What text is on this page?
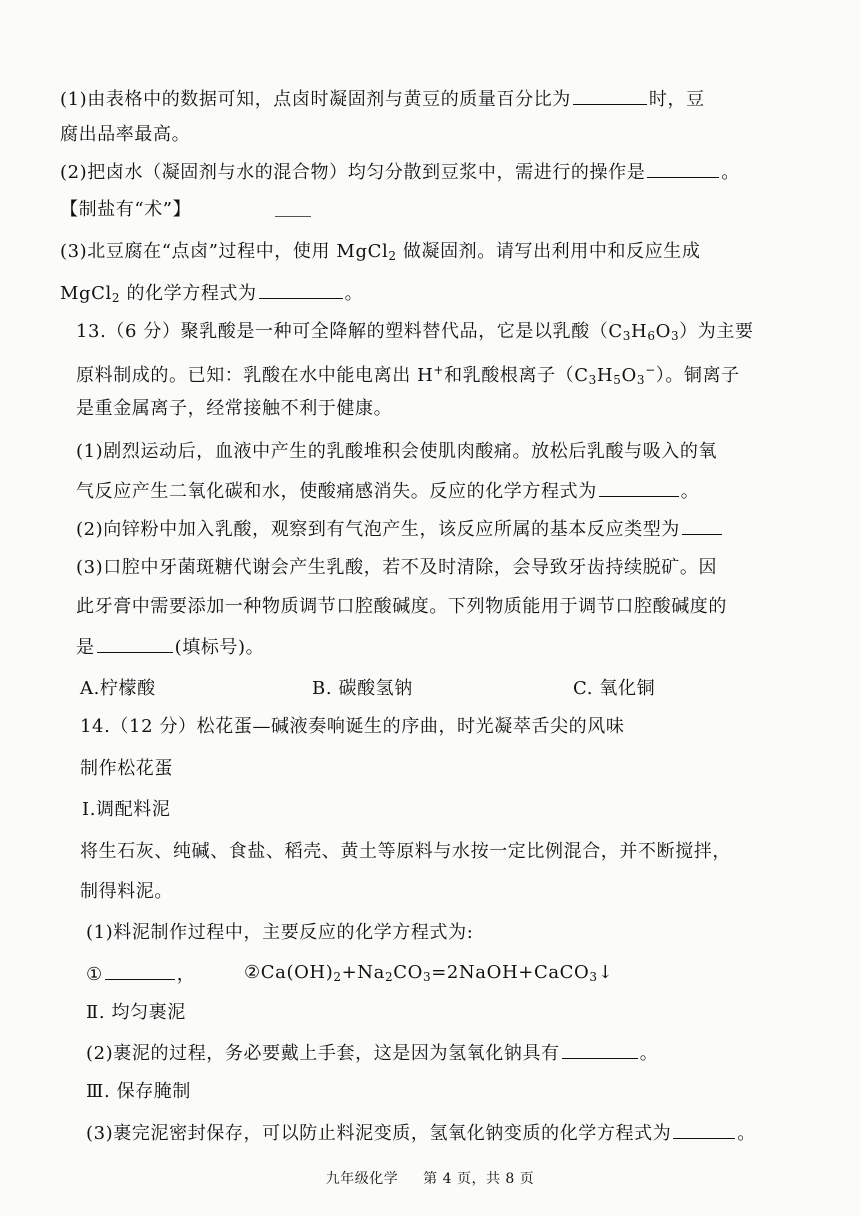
(1)由表格中的数据可知，点卤时凝固剂与黄豆的质量百分比为	时，豆
腐出品率最高。
(2)把卤水（凝固剂与水的混合物）均匀分散到豆浆中，需进行的操作是	。
【制盐有“术”】
(3)北豆腐在“点卤”过程中，使用 MgCl$_2$ 做凝固剂。请写出利用中和反应生成
MgCl$_2$ 的化学方程式为	。
13.（6 分）聚乳酸是一种可全降解的塑料替代品，它是以乳酸$(C_3H_6O_3)$为主要
原料制成的。已知：乳酸在水中能电离出 H+和乳酸根离子$(C_3H_5O_3^-)$。铜离子
是重金属离子，经常接触不利于健康。
(1)剧烈运动后，血液中产生的乳酸堆积会使肌肉酸痛。放松后乳酸与吸入的氧
气反应产生二氧化碳和水，使酸痛感消失。反应的化学方程式为	。
(2)向锌粉中加入乳酸，观察到有气泡产生，该反应所属的基本反应类型为
(3)口腔中牙菌斑糖代谢会产生乳酸，若不及时清除，会导致牙齿持续脱矿。因
此牙膏中需要添加一种物质调节口腔酸碱度。下列物质能用于调节口腔酸碱度的
是	(填标号)。
A.柠檬酸	B. 碳酸氢钠	C. 氧化铜
14.（12 分）松花蛋—碱液奏响诞生的序曲，时光凝萃舌尖的风味
制作松花蛋
Ⅰ.调配料泥
将生石灰、纯碱、食盐、稻壳、黄土等原料与水按一定比例混合，并不断搅拌，
制得料泥。
(1)料泥制作过程中，主要反应的化学方程式为:
①	，	$②Ca(OH)_2+Na_2CO_3=2NaOH+CaCO_3↓$
Ⅱ. 均匀裹泥
(2)裹泥的过程，务必要戴上手套，这是因为氢氧化钠具有	。
Ⅲ. 保存腌制
(3)裹完泥密封保存，可以防止料泥变质，氢氧化钠变质的化学方程式为	。
九年级化学 第 4 页，共 8 页
